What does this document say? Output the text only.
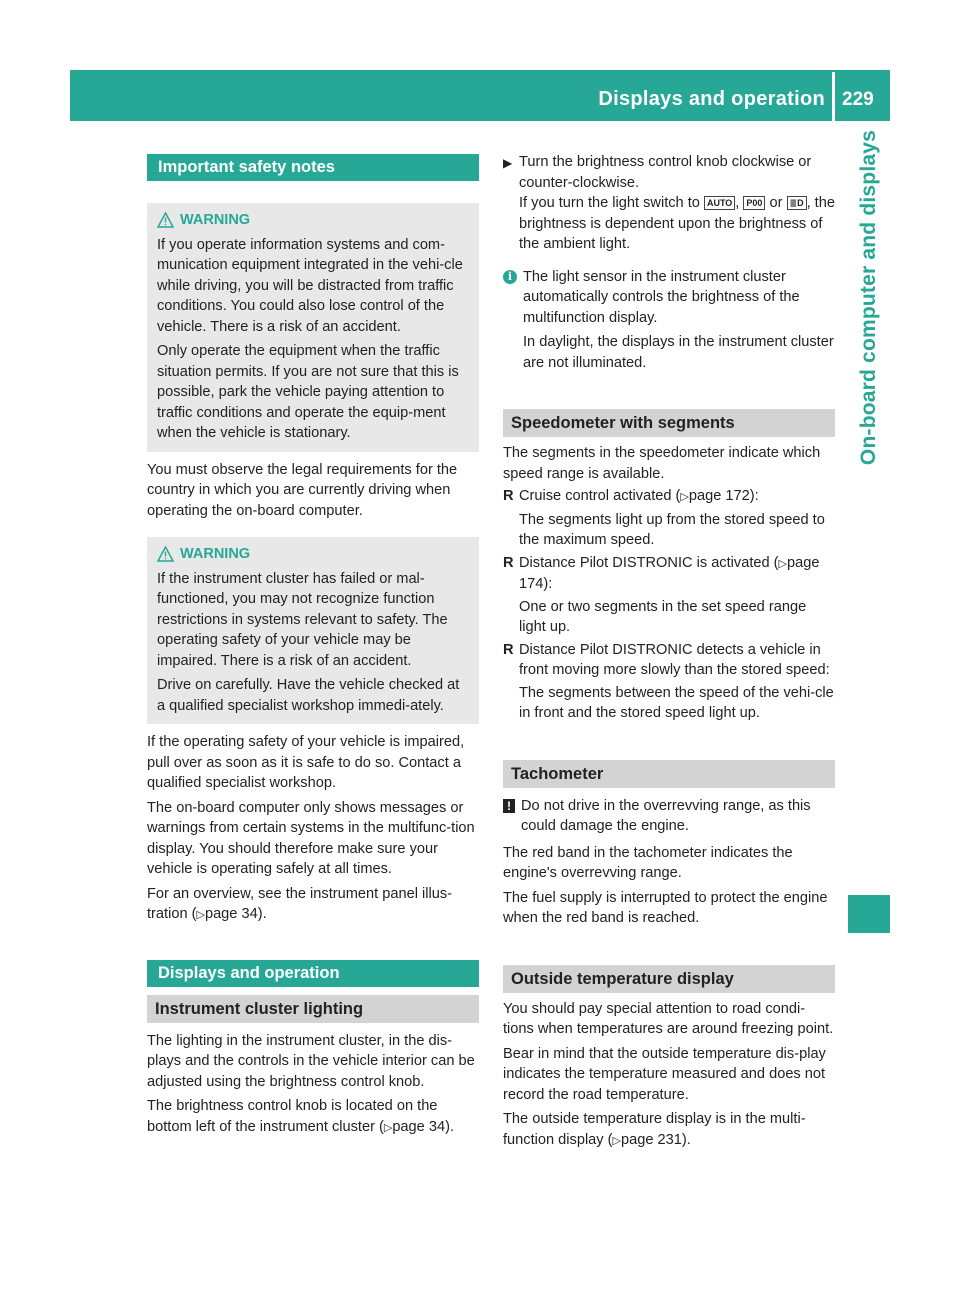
Displays and operation 229
On-board computer and displays
Important safety notes
WARNING

If you operate information systems and com-munication equipment integrated in the vehi-cle while driving, you will be distracted from traffic conditions. You could also lose control of the vehicle. There is a risk of an accident.

Only operate the equipment when the traffic situation permits. If you are not sure that this is possible, park the vehicle paying attention to traffic conditions and operate the equip-ment when the vehicle is stationary.

You must observe the legal requirements for the country in which you are currently driving when operating the on-board computer.

WARNING

If the instrument cluster has failed or mal-functioned, you may not recognize function restrictions in systems relevant to safety. The operating safety of your vehicle may be impaired. There is a risk of an accident.

Drive on carefully. Have the vehicle checked at a qualified specialist workshop immedi-ately.

If the operating safety of your vehicle is impaired, pull over as soon as it is safe to do so. Contact a qualified specialist workshop.

The on-board computer only shows messages or warnings from certain systems in the multifunc-tion display. You should therefore make sure your vehicle is operating safely at all times.

For an overview, see the instrument panel illus-tration (▷page 34).

Displays and operation
Instrument cluster lighting

The lighting in the instrument cluster, in the dis-plays and the controls in the vehicle interior can be adjusted using the brightness control knob.

The brightness control knob is located on the bottom left of the instrument cluster (▷page 34).

▶ Turn the brightness control knob clockwise or counter-clockwise.
If you turn the light switch to AUTO , P00 or ≣D , the brightness is dependent upon the brightness of the ambient light.
i The light sensor in the instrument cluster automatically controls the brightness of the multifunction display.

In daylight, the displays in the instrument cluster are not illuminated.

Speedometer with segments

The segments in the speedometer indicate which speed range is available.

R Cruise control activated (▷page 172):
The segments light up from the stored speed to the maximum speed.
R Distance Pilot DISTRONIC is activated (▷page 174):
One or two segments in the set speed range light up.
R Distance Pilot DISTRONIC detects a vehicle in front moving more slowly than the stored speed:
The segments between the speed of the vehi-cle in front and the stored speed light up.
Tachometer
! Do not drive in the overrevving range, as this could damage the engine.

The red band in the tachometer indicates the engine's overrevving range.

The fuel supply is interrupted to protect the engine when the red band is reached.

Outside temperature display

You should pay special attention to road condi-tions when temperatures are around freezing point.

Bear in mind that the outside temperature dis-play indicates the temperature measured and does not record the road temperature.

The outside temperature display is in the multi-function display (▷page 231).
